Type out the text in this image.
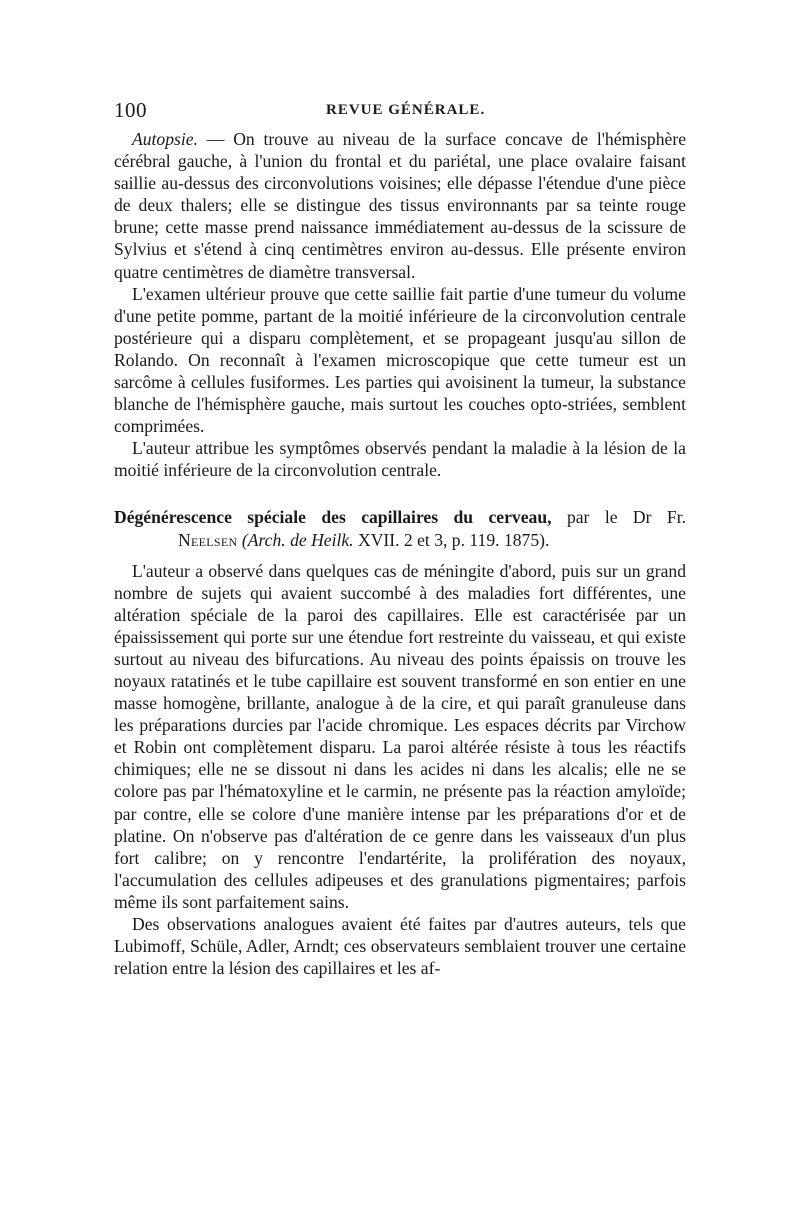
100	REVUE GÉNÉRALE.

Autopsie. — On trouve au niveau de la surface concave de l'hémisphère cérébral gauche, à l'union du frontal et du pariétal, une place ovalaire faisant saillie au-dessus des circonvolutions voisines; elle dépasse l'étendue d'une pièce de deux thalers; elle se distingue des tissus environnants par sa teinte rouge brune; cette masse prend naissance immédiatement au-dessus de la scissure de Sylvius et s'étend à cinq centimètres environ au-dessus. Elle présente environ quatre centimètres de diamètre transversal.

L'examen ultérieur prouve que cette saillie fait partie d'une tumeur du volume d'une petite pomme, partant de la moitié inférieure de la circonvolution centrale postérieure qui a disparu complètement, et se propageant jusqu'au sillon de Rolando. On reconnaît à l'examen microscopique que cette tumeur est un sarcôme à cellules fusiformes. Les parties qui avoisinent la tumeur, la substance blanche de l'hémisphère gauche, mais surtout les couches opto-striées, semblent comprimées.

L'auteur attribue les symptômes observés pendant la maladie à la lésion de la moitié inférieure de la circonvolution centrale.

Dégénérescence spéciale des capillaires du cerveau, par le Dr Fr.
Neelsen (Arch. de Heilk. XVII. 2 et 3, p. 119. 1875).

L'auteur a observé dans quelques cas de méningite d'abord, puis sur un grand nombre de sujets qui avaient succombé à des maladies fort différentes, une altération spéciale de la paroi des capillaires. Elle est caractérisée par un épaississement qui porte sur une étendue fort restreinte du vaisseau, et qui existe surtout au niveau des bifurcations. Au niveau des points épaissis on trouve les noyaux ratatinés et le tube capillaire est souvent transformé en son entier en une masse homogène, brillante, analogue à de la cire, et qui paraît granuleuse dans les préparations durcies par l'acide chromique. Les espaces décrits par Virchow et Robin ont complètement disparu. La paroi altérée résiste à tous les réactifs chimiques; elle ne se dissout ni dans les acides ni dans les alcalis; elle ne se colore pas par l'hématoxyline et le carmin, ne présente pas la réaction amyloïde; par contre, elle se colore d'une manière intense par les préparations d'or et de platine. On n'observe pas d'altération de ce genre dans les vaisseaux d'un plus fort calibre; on y rencontre l'endartérite, la prolifération des noyaux, l'accumulation des cellules adipeuses et des granulations pigmentaires; parfois même ils sont parfaitement sains.

Des observations analogues avaient été faites par d'autres auteurs, tels que Lubimoff, Schüle, Adler, Arndt; ces observateurs semblaient trouver une certaine relation entre la lésion des capillaires et les af-
